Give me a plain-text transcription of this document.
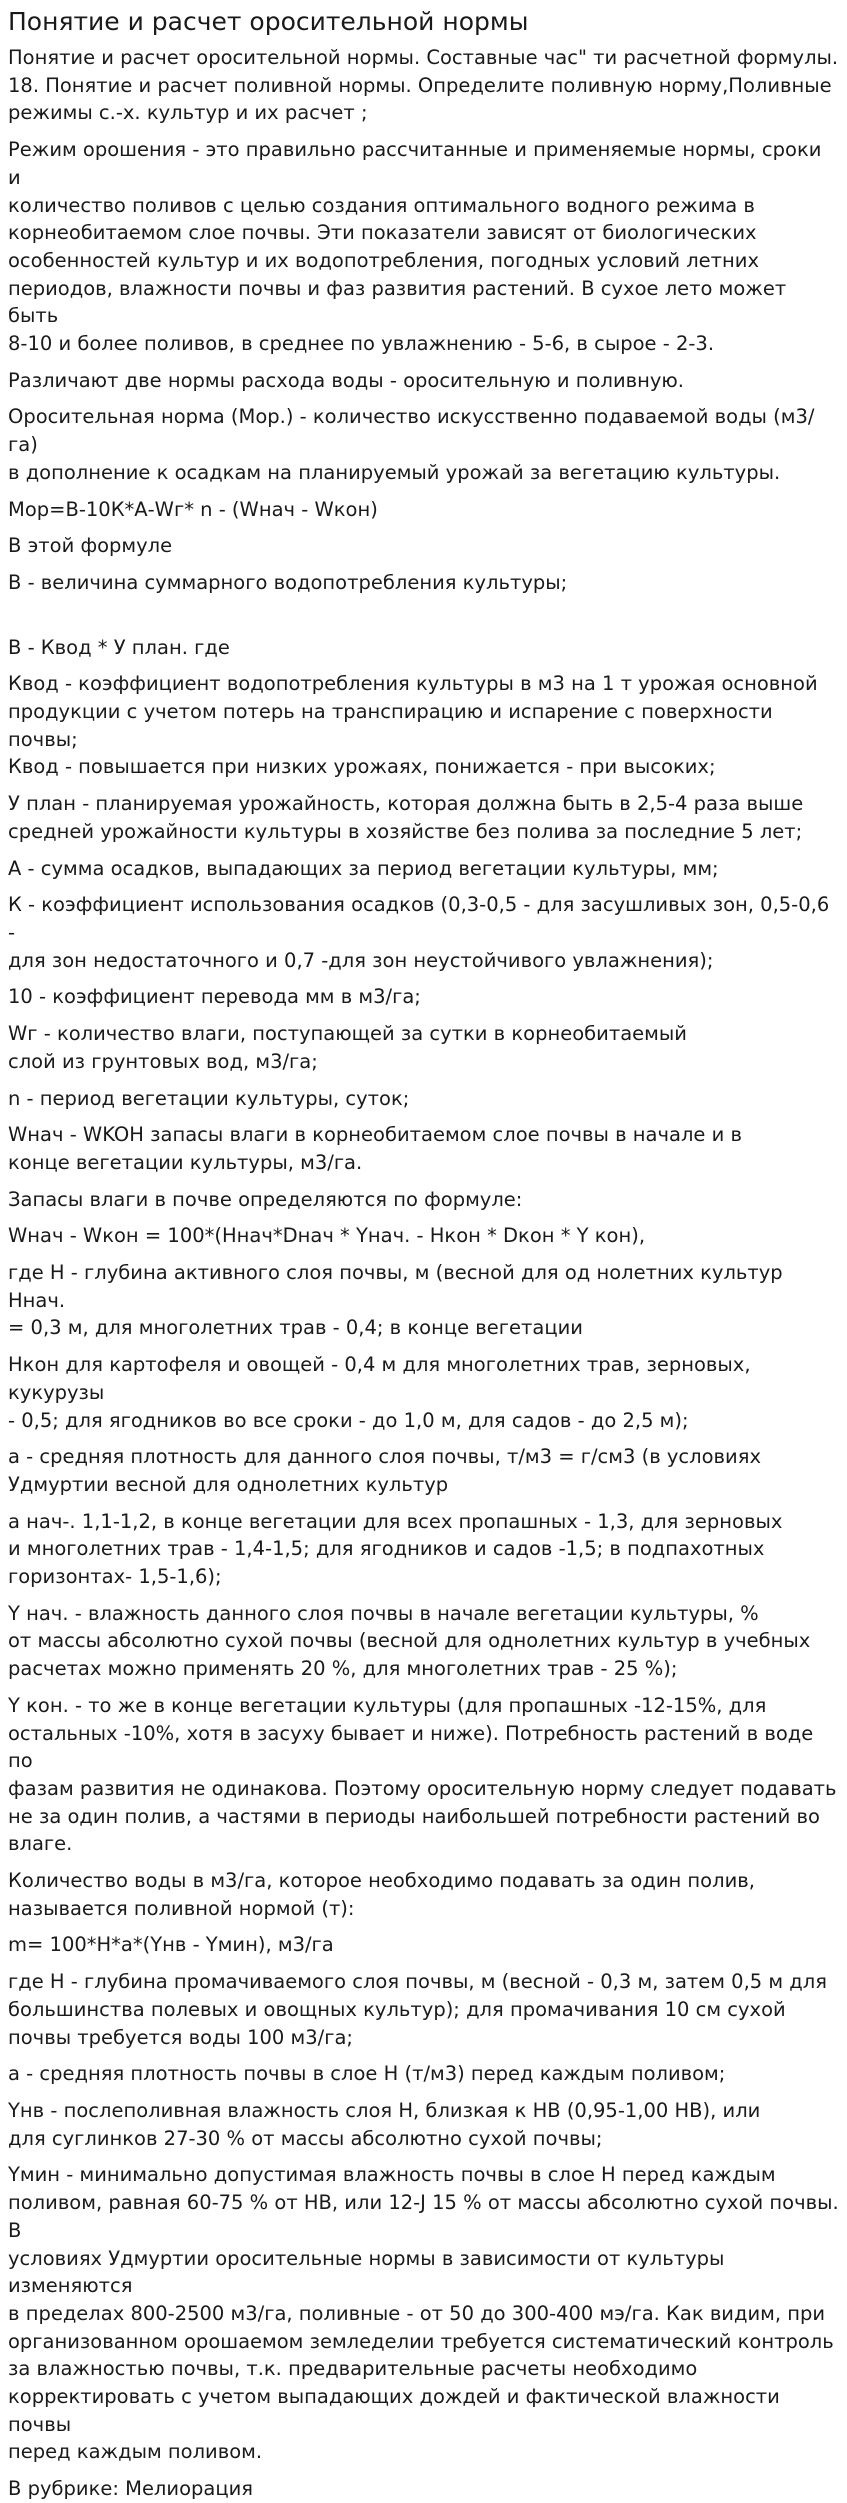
Понятие и расчет оросительной нормы
Понятие и расчет оросительной нормы. Составные час" ти расчетной формулы.
18. Понятие и расчет поливной нормы. Определите поливную норму,Поливные
режимы с.-х. культур и их расчет ;
Режим орошения - это правильно рассчитанные и применяемые нормы, сроки и
количество поливов с целью создания оптимального водного режима в
корнеобитаемом слое почвы. Эти показатели зависят от биологических
особенностей культур и их водопотребления, погодных условий летних
периодов, влажности почвы и фаз развития растений. В сухое лето может быть
8-10 и более поливов, в среднее по увлажнению - 5-6, в сырое - 2-3.
Различают две нормы расхода воды - оросительную и поливную.
Оросительная норма (Мор.) - количество искусственно подаваемой воды (м3/га)
в дополнение к осадкам на планируемый урожай за вегетацию культуры.
Мор=В-10К*А-Wг* n - (Wнач - Wкон)
В этой формуле
В - величина суммарного водопотребления культуры;
В - Квод * У план. где
Квод - коэффициент водопотребления культуры в м3 на 1 т урожая основной
продукции с учетом потерь на транспирацию и испарение с поверхности почвы;
Квод - повышается при низких урожаях, понижается - при высоких;
У план - планируемая урожайность, которая должна быть в 2,5-4 раза выше
средней урожайности культуры в хозяйстве без полива за последние 5 лет;
А - сумма осадков, выпадающих за период вегетации культуры, мм;
К - коэффициент использования осадков (0,3-0,5 - для засушливых зон, 0,5-0,6 -
для зон недостаточного и 0,7 -для зон неустойчивого увлажнения);
10 - коэффициент перевода мм в м3/га;
Wг - количество влаги, поступающей за сутки в корнеобитаемый
слой из грунтовых вод, м3/га;
n - период вегетации культуры, суток;
Wнач - WKOH запасы влаги в корнеобитаемом слое почвы в начале и в
конце вегетации культуры, м3/га.
Запасы влаги в почве определяются по формуле:
Wнач - Wкон = 100*(Ннач*Dнач * Yнач. - Нкон * Dкон * Y кон),
где Н - глубина активного слоя почвы, м (весной для од нолетних культур Ннач.
= 0,3 м, для многолетних трав - 0,4; в конце вегетации
Нкон для картофеля и овощей - 0,4 м для многолетних трав, зерновых, кукурузы
- 0,5; для ягодников во все сроки - до 1,0 м, для садов - до 2,5 м);
а - средняя плотность для данного слоя почвы, т/м3 = г/см3 (в условиях
Удмуртии весной для однолетних культур
а нач-. 1,1-1,2, в конце вегетации для всех пропашных - 1,3, для зерновых
и многолетних трав - 1,4-1,5; для ягодников и садов -1,5; в подпахотных
горизонтах- 1,5-1,6);
Y нач. - влажность данного слоя почвы в начале вегетации культуры, %
от массы абсолютно сухой почвы (весной для однолетних культур в учебных
расчетах можно применять 20 %, для многолетних трав - 25 %);
Y кон. - то же в конце вегетации культуры (для пропашных -12-15%, для
остальных -10%, хотя в засуху бывает и ниже). Потребность растений в воде по
фазам развития не одинакова. Поэтому оросительную норму следует подавать
не за один полив, а частями в периоды наибольшей потребности растений во
влаге.
Количество воды в м3/га, которое необходимо подавать за один полив,
называется поливной нормой (т):
m= 100*H*a*(Yнв - Yмин), м3/га
где Н - глубина промачиваемого слоя почвы, м (весной - 0,3 м, затем 0,5 м для
большинства полевых и овощных культур); для промачивания 10 см сухой
почвы требуется воды 100 м3/га;
а - средняя плотность почвы в слое Н (т/м3) перед каждым поливом;
Yнв - послеполивная влажность слоя Н, близкая к НВ (0,95-1,00 НВ), или
для суглинков 27-30 % от массы абсолютно сухой почвы;
Yмин - минимально допустимая влажность почвы в слое Н перед каждым
поливом, равная 60-75 % от НВ, или 12-J 15 % от массы абсолютно сухой почвы. В
условиях Удмуртии оросительные нормы в зависимости от культуры изменяются
в пределах 800-2500 м3/га, поливные - от 50 до 300-400 мэ/га. Как видим, при
организованном орошаемом земледелии требуется систематический контроль
за влажностью почвы, т.к. предварительные расчеты необходимо
корректировать с учетом выпадающих дождей и фактической влажности почвы
перед каждым поливом.
В рубрике: Мелиорация
